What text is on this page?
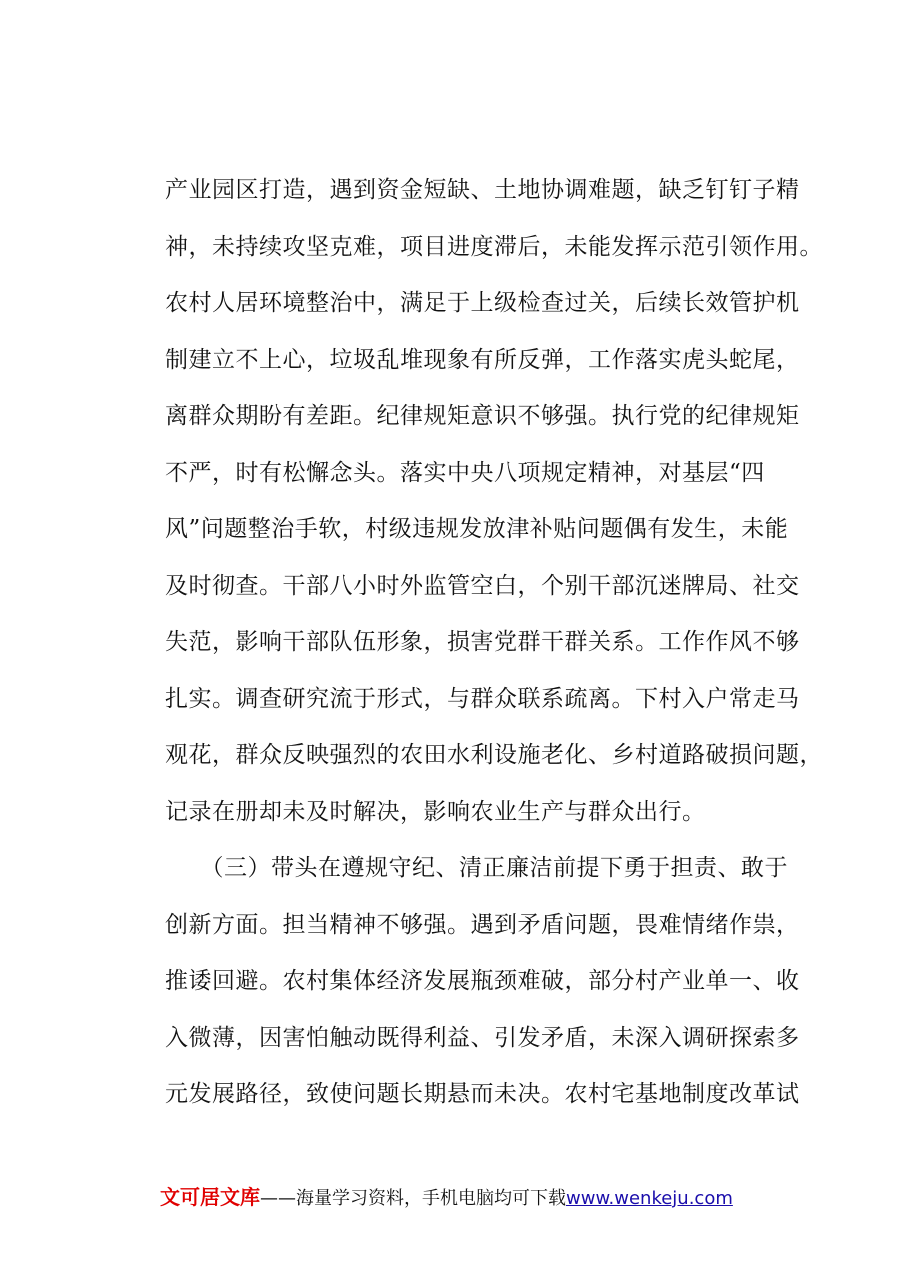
产业园区打造，遇到资金短缺、土地协调难题，缺乏钉钉子精
神，未持续攻坚克难，项目进度滞后，未能发挥示范引领作用。
农村人居环境整治中，满足于上级检查过关，后续长效管护机
制建立不上心，垃圾乱堆现象有所反弹，工作落实虎头蛇尾，
离群众期盼有差距。纪律规矩意识不够强。执行党的纪律规矩
不严，时有松懈念头。落实中央八项规定精神，对基层“四
风”问题整治手软，村级违规发放津补贴问题偶有发生，未能
及时彻查。干部八小时外监管空白，个别干部沉迷牌局、社交
失范，影响干部队伍形象，损害党群干群关系。工作作风不够
扎实。调查研究流于形式，与群众联系疏离。下村入户常走马
观花，群众反映强烈的农田水利设施老化、乡村道路破损问题，
记录在册却未及时解决，影响农业生产与群众出行。
　　（三）带头在遵规守纪、清正廉洁前提下勇于担责、敢于
创新方面。担当精神不够强。遇到矛盾问题，畏难情绪作祟，
推诿回避。农村集体经济发展瓶颈难破，部分村产业单一、收
入微薄，因害怕触动既得利益、引发矛盾，未深入调研探索多
元发展路径，致使问题长期悬而未决。农村宅基地制度改革试
文可居文库——海量学习资料，手机电脑均可下载www.wenkeju.com
